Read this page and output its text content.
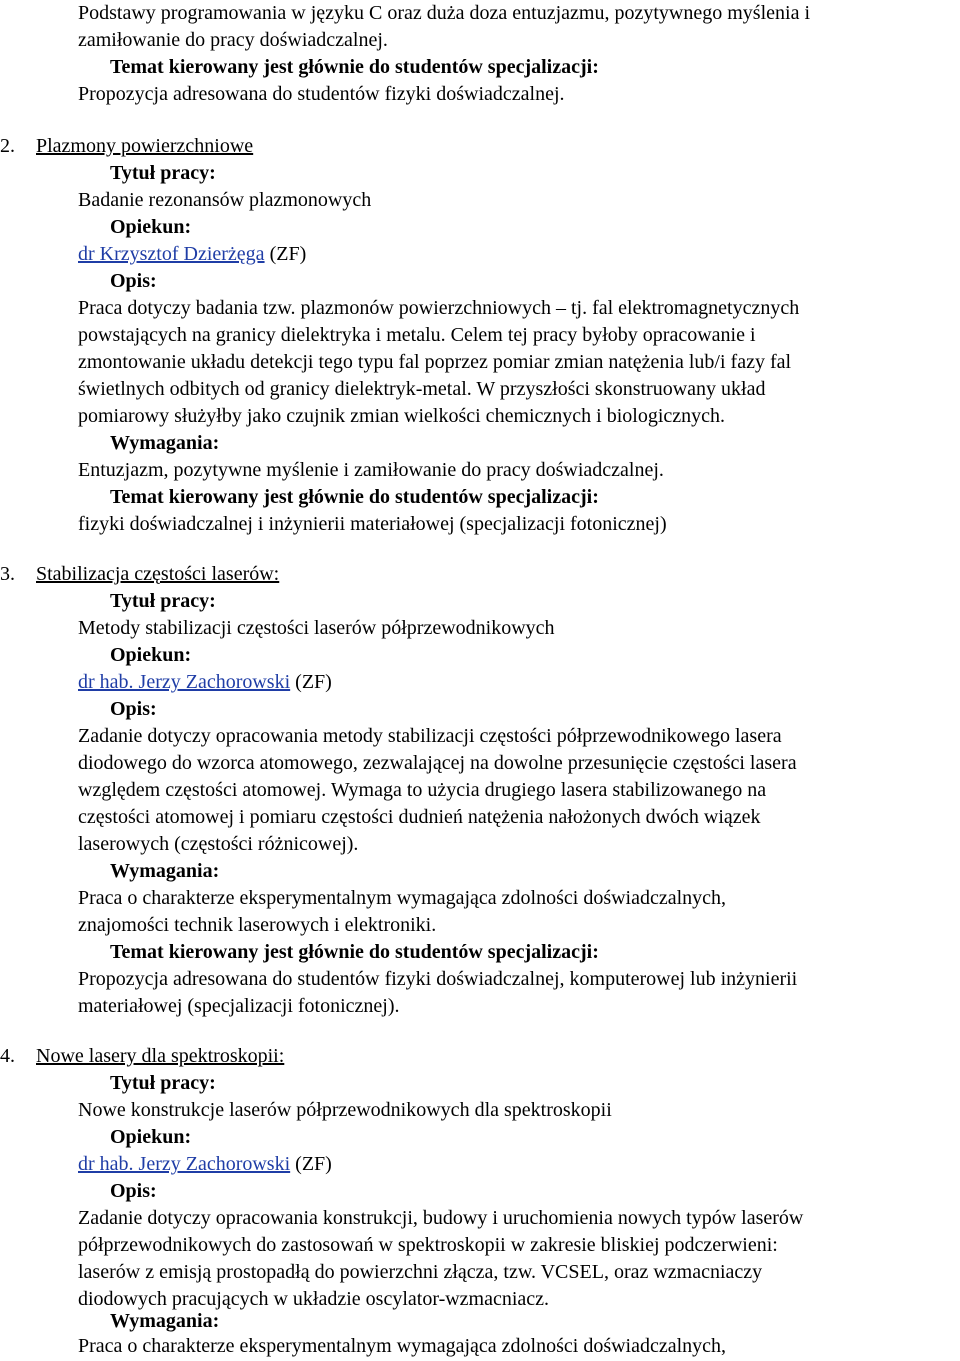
Podstawy programowania w języku C oraz duża doza entuzjazmu, pozytywnego myślenia i
zamiłowanie do pracy doświadczalnej.
Temat kierowany jest głównie do studentów specjalizacji:
Propozycja adresowana do studentów fizyki doświadczalnej.
2. Plazmony powierzchniowe
Tytuł pracy:
Badanie rezonansów plazmonowych
Opiekun:
dr Krzysztof Dzierżęga (ZF)
Opis:
Praca dotyczy badania tzw. plazmonów powierzchniowych – tj. fal elektromagnetycznych
powstających na granicy dielektryka i metalu. Celem tej pracy byłoby opracowanie i
zmontowanie układu detekcji tego typu fal poprzez pomiar zmian natężenia lub/i fazy fal
świetlnych odbitych od granicy dielektryk-metal. W przyszłości skonstruowany układ
pomiarowy służyłby jako czujnik zmian wielkości chemicznych i biologicznych.
Wymagania:
Entuzjazm, pozytywne myślenie i zamiłowanie do pracy doświadczalnej.
Temat kierowany jest głównie do studentów specjalizacji:
fizyki doświadczalnej i inżynierii materiałowej (specjalizacji fotonicznej)
3. Stabilizacja częstości laserów:
Tytuł pracy:
Metody stabilizacji częstości laserów półprzewodnikowych
Opiekun:
dr hab. Jerzy Zachorowski (ZF)
Opis:
Zadanie dotyczy opracowania metody stabilizacji częstości półprzewodnikowego lasera
diodowego do wzorca atomowego, zezwalającej na dowolne przesunięcie częstości lasera
względem częstości atomowej. Wymaga to użycia drugiego lasera stabilizowanego na
częstości atomowej i pomiaru częstości dudnień natężenia nałożonych dwóch wiązek
laserowych (częstości różnicowej).
Wymagania:
Praca o charakterze eksperymentalnym wymagająca zdolności doświadczalnych,
znajomości technik laserowych i elektroniki.
Temat kierowany jest głównie do studentów specjalizacji:
Propozycja adresowana do studentów fizyki doświadczalnej, komputerowej lub inżynierii
materiałowej (specjalizacji fotonicznej).
4. Nowe lasery dla spektroskopii:
Tytuł pracy:
Nowe konstrukcje laserów półprzewodnikowych dla spektroskopii
Opiekun:
dr hab. Jerzy Zachorowski (ZF)
Opis:
Zadanie dotyczy opracowania konstrukcji, budowy i uruchomienia nowych typów laserów
półprzewodnikowych do zastosowań w spektroskopii w zakresie bliskiej podczerwieni:
laserów z emisją prostopadłą do powierzchni złącza, tzw. VCSEL, oraz wzmacniaczy
diodowych pracujących w układzie oscylator-wzmacniacz.
Wymagania:
Praca o charakterze eksperymentalnym wymagająca zdolności doświadczalnych,
